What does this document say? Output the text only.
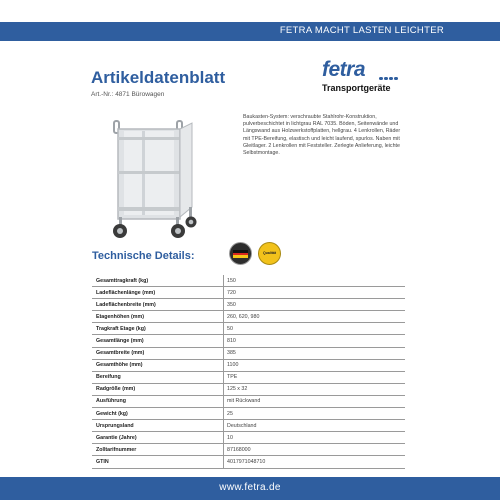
FETRA MACHT LASTEN LEICHTER
Artikeldatenblatt
Art.-Nr.: 4871 Bürowagen
fetra
Transportgeräte
Baukasten-System: verschraubte Stahlrohr-Konstruktion, pulverbeschichtet in lichtgrau RAL 7035. Böden, Seitenwände und Längswand aus Holzwerkstoffplatten, hellgrau. 4 Lenkrollen, Räder mit TPE-Bereifung, elastisch und leicht laufend, spurlos. Naben mit Gleitlager. 2 Lenkrollen mit Feststeller. Zerlegte Anlieferung, leichte Selbstmontage.
Technische Details:	Qualität
Gesamttragkraft (kg)	150
Ladeflächenlänge (mm)	720
Ladeflächenbreite (mm)	350
Etagenhöhen (mm)	260, 620, 980
Tragkraft Etage (kg)	50
Gesamtlänge (mm)	810
Gesamtbreite (mm)	385
Gesamthöhe (mm)	1100
Bereifung	TPE
Radgröße (mm)	125 x 32
Ausführung	mit Rückwand
Gewicht (kg)	25
Ursprungsland	Deutschland
Garantie (Jahre)	10
Zolltarifnummer	87168000
GTIN	4017971048710
www.fetra.de
